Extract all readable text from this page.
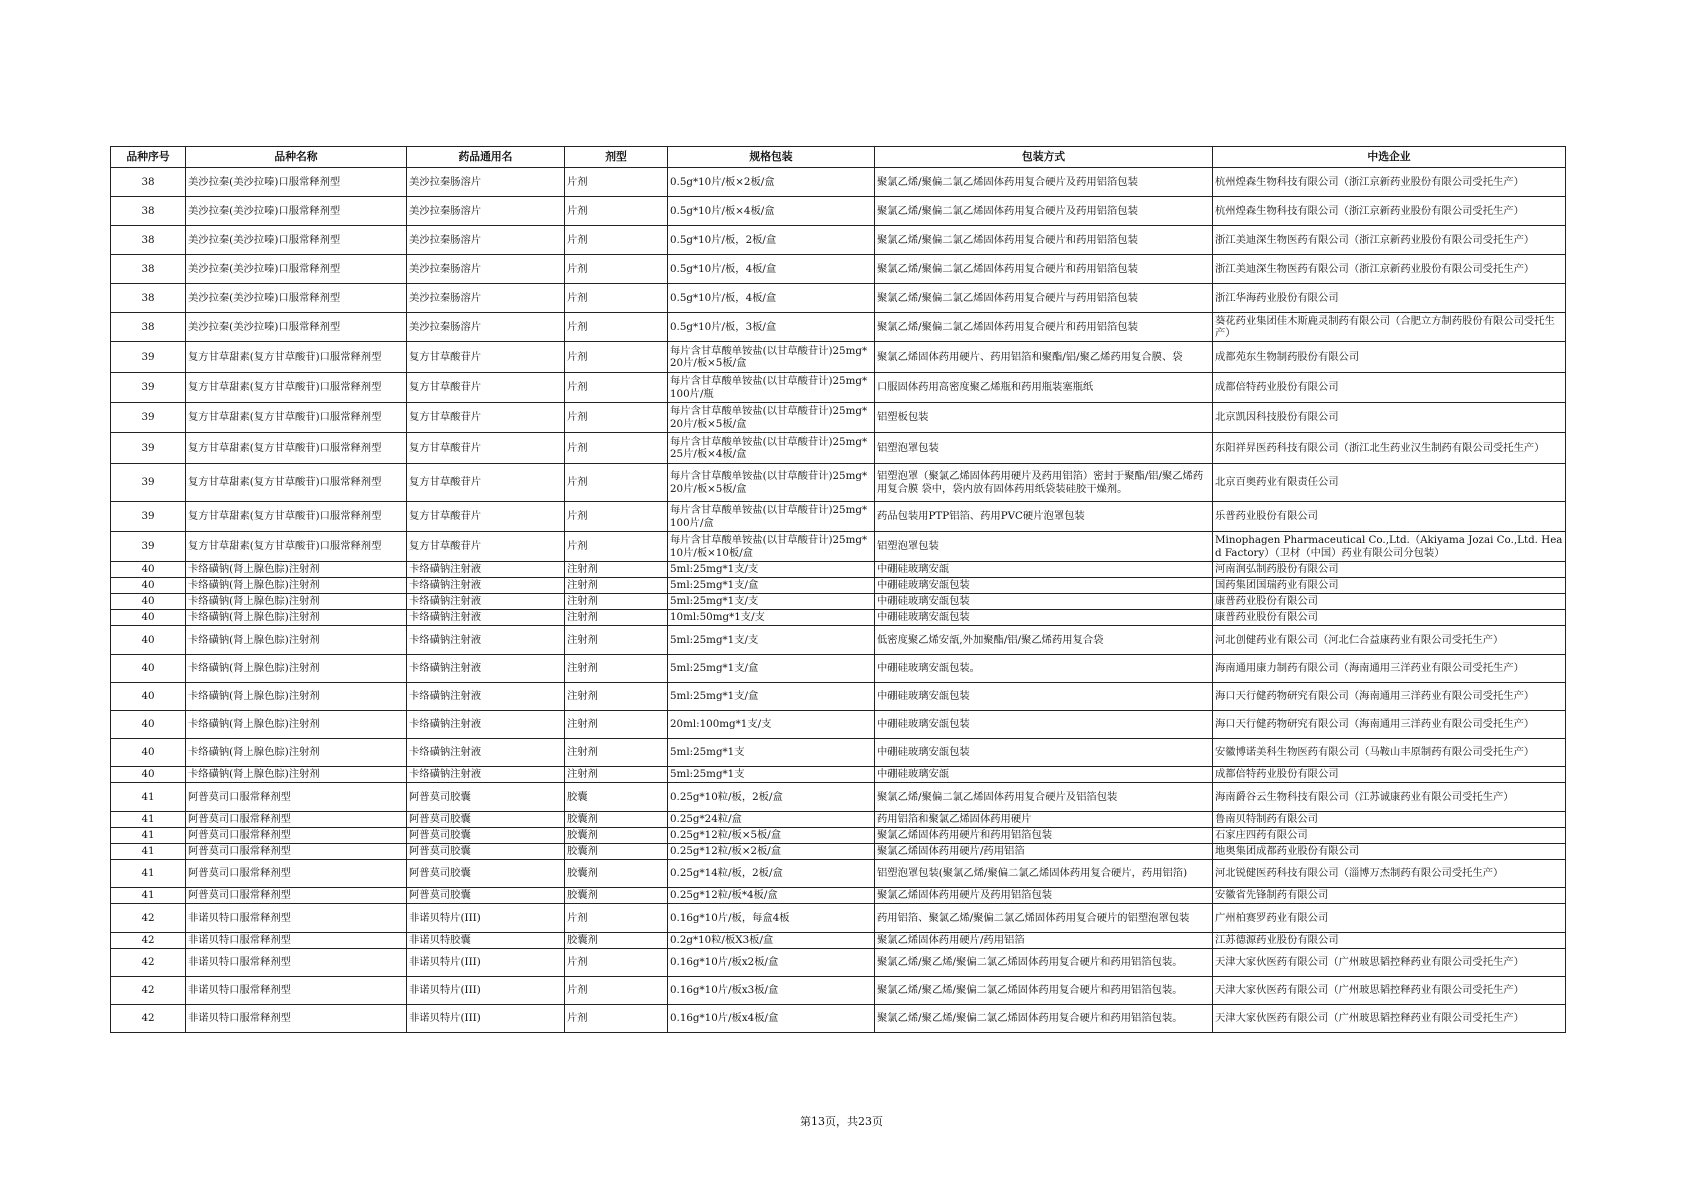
品种序号	品种名称	药品通用名	剂型	规格包装	包装方式	中选企业
38	美沙拉秦(美沙拉嗪)口服常释剂型	美沙拉秦肠溶片	片剂	0.5g*10片/板×2板/盒	聚氯乙烯/聚偏二氯乙烯固体药用复合硬片及药用铝箔包装	杭州煌森生物科技有限公司（浙江京新药业股份有限公司受托生产）
38	美沙拉秦(美沙拉嗪)口服常释剂型	美沙拉秦肠溶片	片剂	0.5g*10片/板×4板/盒	聚氯乙烯/聚偏二氯乙烯固体药用复合硬片及药用铝箔包装	杭州煌森生物科技有限公司（浙江京新药业股份有限公司受托生产）
38	美沙拉秦(美沙拉嗪)口服常释剂型	美沙拉秦肠溶片	片剂	0.5g*10片/板，2板/盒	聚氯乙烯/聚偏二氯乙烯固体药用复合硬片和药用铝箔包装	浙江美迪深生物医药有限公司（浙江京新药业股份有限公司受托生产）
38	美沙拉秦(美沙拉嗪)口服常释剂型	美沙拉秦肠溶片	片剂	0.5g*10片/板，4板/盒	聚氯乙烯/聚偏二氯乙烯固体药用复合硬片和药用铝箔包装	浙江美迪深生物医药有限公司（浙江京新药业股份有限公司受托生产）
38	美沙拉秦(美沙拉嗪)口服常释剂型	美沙拉秦肠溶片	片剂	0.5g*10片/板，4板/盒	聚氯乙烯/聚偏二氯乙烯固体药用复合硬片与药用铝箔包装	浙江华海药业股份有限公司
38	美沙拉秦(美沙拉嗪)口服常释剂型	美沙拉秦肠溶片	片剂	0.5g*10片/板，3板/盒	聚氯乙烯/聚偏二氯乙烯固体药用复合硬片和药用铝箔包装	葵花药业集团佳木斯鹿灵制药有限公司（合肥立方制药股份有限公司受托生产）
39	复方甘草甜素(复方甘草酸苷)口服常释剂型	复方甘草酸苷片	片剂	每片含甘草酸单铵盐(以甘草酸苷计)25mg*20片/板×5板/盒	聚氯乙烯固体药用硬片、药用铝箔和聚酯/铝/聚乙烯药用复合膜、袋	成都苑东生物制药股份有限公司
39	复方甘草甜素(复方甘草酸苷)口服常释剂型	复方甘草酸苷片	片剂	每片含甘草酸单铵盐(以甘草酸苷计)25mg*100片/瓶	口服固体药用高密度聚乙烯瓶和药用瓶装塞瓶纸	成都倍特药业股份有限公司
39	复方甘草甜素(复方甘草酸苷)口服常释剂型	复方甘草酸苷片	片剂	每片含甘草酸单铵盐(以甘草酸苷计)25mg*20片/板×5板/盒	铝塑板包装	北京凯因科技股份有限公司
39	复方甘草甜素(复方甘草酸苷)口服常释剂型	复方甘草酸苷片	片剂	每片含甘草酸单铵盐(以甘草酸苷计)25mg*25片/板×4板/盒	铝塑泡罩包装	东阳祥昇医药科技有限公司（浙江北生药业汉生制药有限公司受托生产）
39	复方甘草甜素(复方甘草酸苷)口服常释剂型	复方甘草酸苷片	片剂	每片含甘草酸单铵盐(以甘草酸苷计)25mg*20片/板×5板/盒	铝塑泡罩（聚氯乙烯固体药用硬片及药用铝箔）密封于聚酯/铝/聚乙烯药用复合膜 袋中，袋内放有固体药用纸袋装硅胶干燥剂。	北京百奥药业有限责任公司
39	复方甘草甜素(复方甘草酸苷)口服常释剂型	复方甘草酸苷片	片剂	每片含甘草酸单铵盐(以甘草酸苷计)25mg*100片/盒	药品包装用PTP铝箔、药用PVC硬片泡罩包装	乐普药业股份有限公司
39	复方甘草甜素(复方甘草酸苷)口服常释剂型	复方甘草酸苷片	片剂	每片含甘草酸单铵盐(以甘草酸苷计)25mg*10片/板×10板/盒	铝塑泡罩包装	Minophagen Pharmaceutical Co.,Ltd.（Akiyama Jozai Co.,Ltd. Head Factory）（卫材（中国）药业有限公司分包装）
40	卡络磺钠(肾上腺色腙)注射剂	卡络磺钠注射液	注射剂	5ml:25mg*1支/支	中硼硅玻璃安瓿	河南润弘制药股份有限公司
40	卡络磺钠(肾上腺色腙)注射剂	卡络磺钠注射液	注射剂	5ml:25mg*1支/盒	中硼硅玻璃安瓿包装	国药集团国瑞药业有限公司
40	卡络磺钠(肾上腺色腙)注射剂	卡络磺钠注射液	注射剂	5ml:25mg*1支/支	中硼硅玻璃安瓿包装	康普药业股份有限公司
40	卡络磺钠(肾上腺色腙)注射剂	卡络磺钠注射液	注射剂	10ml:50mg*1支/支	中硼硅玻璃安瓿包装	康普药业股份有限公司
40	卡络磺钠(肾上腺色腙)注射剂	卡络磺钠注射液	注射剂	5ml:25mg*1支/支	低密度聚乙烯安瓿,外加聚酯/铝/聚乙烯药用复合袋	河北创健药业有限公司（河北仁合益康药业有限公司受托生产）
40	卡络磺钠(肾上腺色腙)注射剂	卡络磺钠注射液	注射剂	5ml:25mg*1支/盒	中硼硅玻璃安瓿包装。	海南通用康力制药有限公司（海南通用三洋药业有限公司受托生产）
40	卡络磺钠(肾上腺色腙)注射剂	卡络磺钠注射液	注射剂	5ml:25mg*1支/盒	中硼硅玻璃安瓿包装	海口天行健药物研究有限公司（海南通用三洋药业有限公司受托生产）
40	卡络磺钠(肾上腺色腙)注射剂	卡络磺钠注射液	注射剂	20ml:100mg*1支/支	中硼硅玻璃安瓿包装	海口天行健药物研究有限公司（海南通用三洋药业有限公司受托生产）
40	卡络磺钠(肾上腺色腙)注射剂	卡络磺钠注射液	注射剂	5ml:25mg*1支	中硼硅玻璃安瓿包装	安徽博诺美科生物医药有限公司（马鞍山丰原制药有限公司受托生产）
40	卡络磺钠(肾上腺色腙)注射剂	卡络磺钠注射液	注射剂	5ml:25mg*1支	中硼硅玻璃安瓿	成都倍特药业股份有限公司
41	阿普莫司口服常释剂型	阿普莫司胶囊	胶囊	0.25g*10粒/板，2板/盒	聚氯乙烯/聚偏二氯乙烯固体药用复合硬片及铝箔包装	海南爵谷云生物科技有限公司（江苏诚康药业有限公司受托生产）
41	阿普莫司口服常释剂型	阿普莫司胶囊	胶囊剂	0.25g*24粒/盒	药用铝箔和聚氯乙烯固体药用硬片	鲁南贝特制药有限公司
41	阿普莫司口服常释剂型	阿普莫司胶囊	胶囊剂	0.25g*12粒/板×5板/盒	聚氯乙烯固体药用硬片和药用铝箔包装	石家庄四药有限公司
41	阿普莫司口服常释剂型	阿普莫司胶囊	胶囊剂	0.25g*12粒/板×2板/盒	聚氯乙烯固体药用硬片/药用铝箔	地奥集团成都药业股份有限公司
41	阿普莫司口服常释剂型	阿普莫司胶囊	胶囊剂	0.25g*14粒/板，2板/盒	铝塑泡罩包装(聚氯乙烯/聚偏二氯乙烯固体药用复合硬片，药用铝箔)	河北锐健医药科技有限公司（淄博万杰制药有限公司受托生产）
41	阿普莫司口服常释剂型	阿普莫司胶囊	胶囊剂	0.25g*12粒/板*4板/盒	聚氯乙烯固体药用硬片及药用铝箔包装	安徽省先锋制药有限公司
42	非诺贝特口服常释剂型	非诺贝特片(III)	片剂	0.16g*10片/板，每盒4板	药用铝箔、聚氯乙烯/聚偏二氯乙烯固体药用复合硬片的铝塑泡罩包装	广州柏赛罗药业有限公司
42	非诺贝特口服常释剂型	非诺贝特胶囊	胶囊剂	0.2g*10粒/板X3板/盒	聚氯乙烯固体药用硬片/药用铝箔	江苏德源药业股份有限公司
42	非诺贝特口服常释剂型	非诺贝特片(III)	片剂	0.16g*10片/板x2板/盒	聚氯乙烯/聚乙烯/聚偏二氯乙烯固体药用复合硬片和药用铝箔包装。	天津大家伙医药有限公司（广州玻思韬控释药业有限公司受托生产）
42	非诺贝特口服常释剂型	非诺贝特片(III)	片剂	0.16g*10片/板x3板/盒	聚氯乙烯/聚乙烯/聚偏二氯乙烯固体药用复合硬片和药用铝箔包装。	天津大家伙医药有限公司（广州玻思韬控释药业有限公司受托生产）
42	非诺贝特口服常释剂型	非诺贝特片(III)	片剂	0.16g*10片/板x4板/盒	聚氯乙烯/聚乙烯/聚偏二氯乙烯固体药用复合硬片和药用铝箔包装。	天津大家伙医药有限公司（广州玻思韬控释药业有限公司受托生产）
第13页，共23页
